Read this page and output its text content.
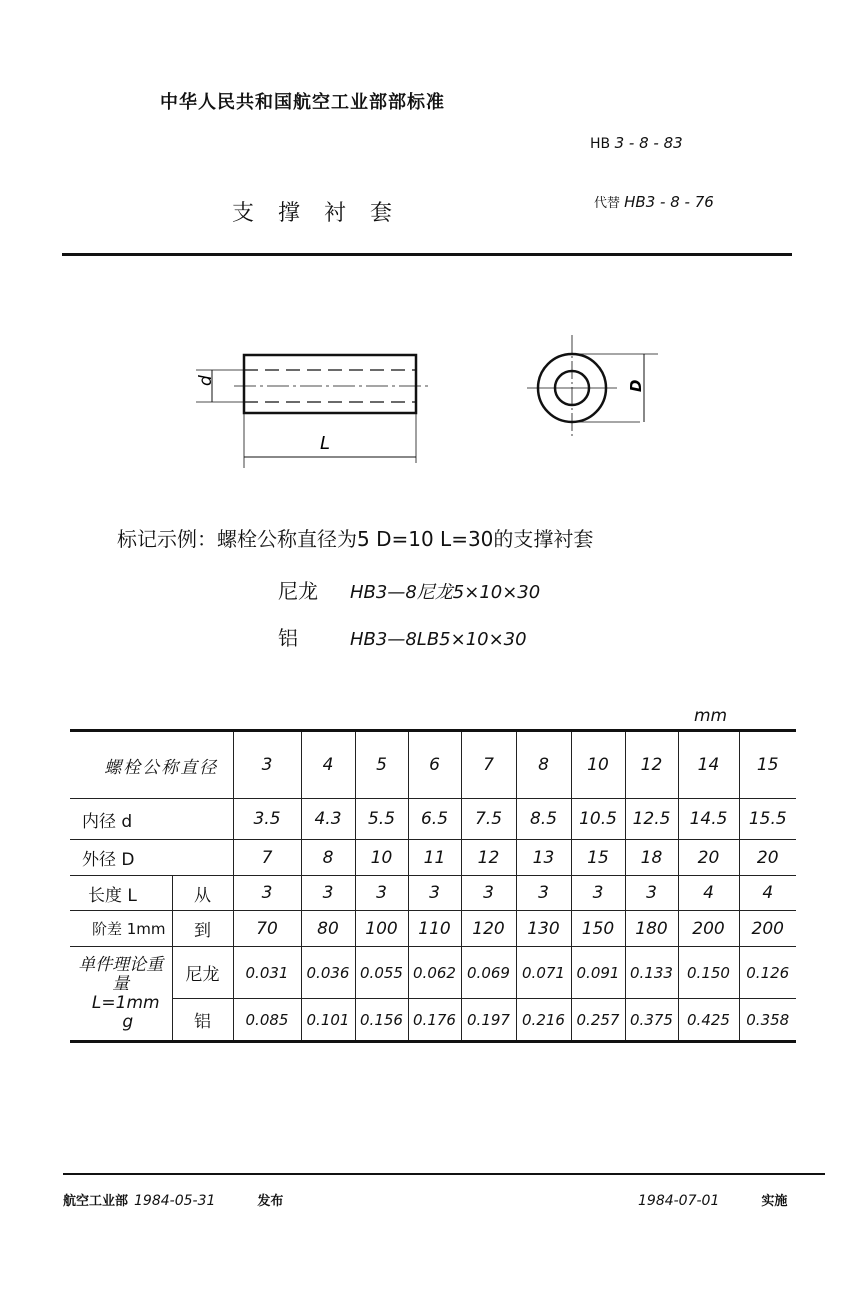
中华人民共和国航空工业部部标准
HB 3 - 8 - 83
支撑衬套	代替 HB3 - 8 - 76
d
L
D
标记示例：螺栓公称直径为5 D=10 L=30的支撑衬套
尼龙 HB3—8尼龙5×10×30
铝	HB3—8LB5×10×30
mm
螺栓公称直径		3	4	5	6	7	8	10	12	14	15
内径 d		3.5	4.3	5.5	6.5	7.5	8.5	10.5	12.5	14.5	15.5
外径 D		7	8	10	11	12	13	15	18	20	20
长度 L	从	3	3	3	3	3	3	3	3	4	4
阶差 1mm	到	70	80	100	110	120	130	150	180	200	200

单件理论重量
L=1mm
g	尼龙	0.031	0.036	0.055	0.062	0.069	0.071	0.091	0.133	0.150	0.126
	铝	0.085	0.101	0.156	0.176	0.197	0.216	0.257	0.375	0.425	0.358
航空工业部 1984-05-31	发布	1984-07-01	实施
